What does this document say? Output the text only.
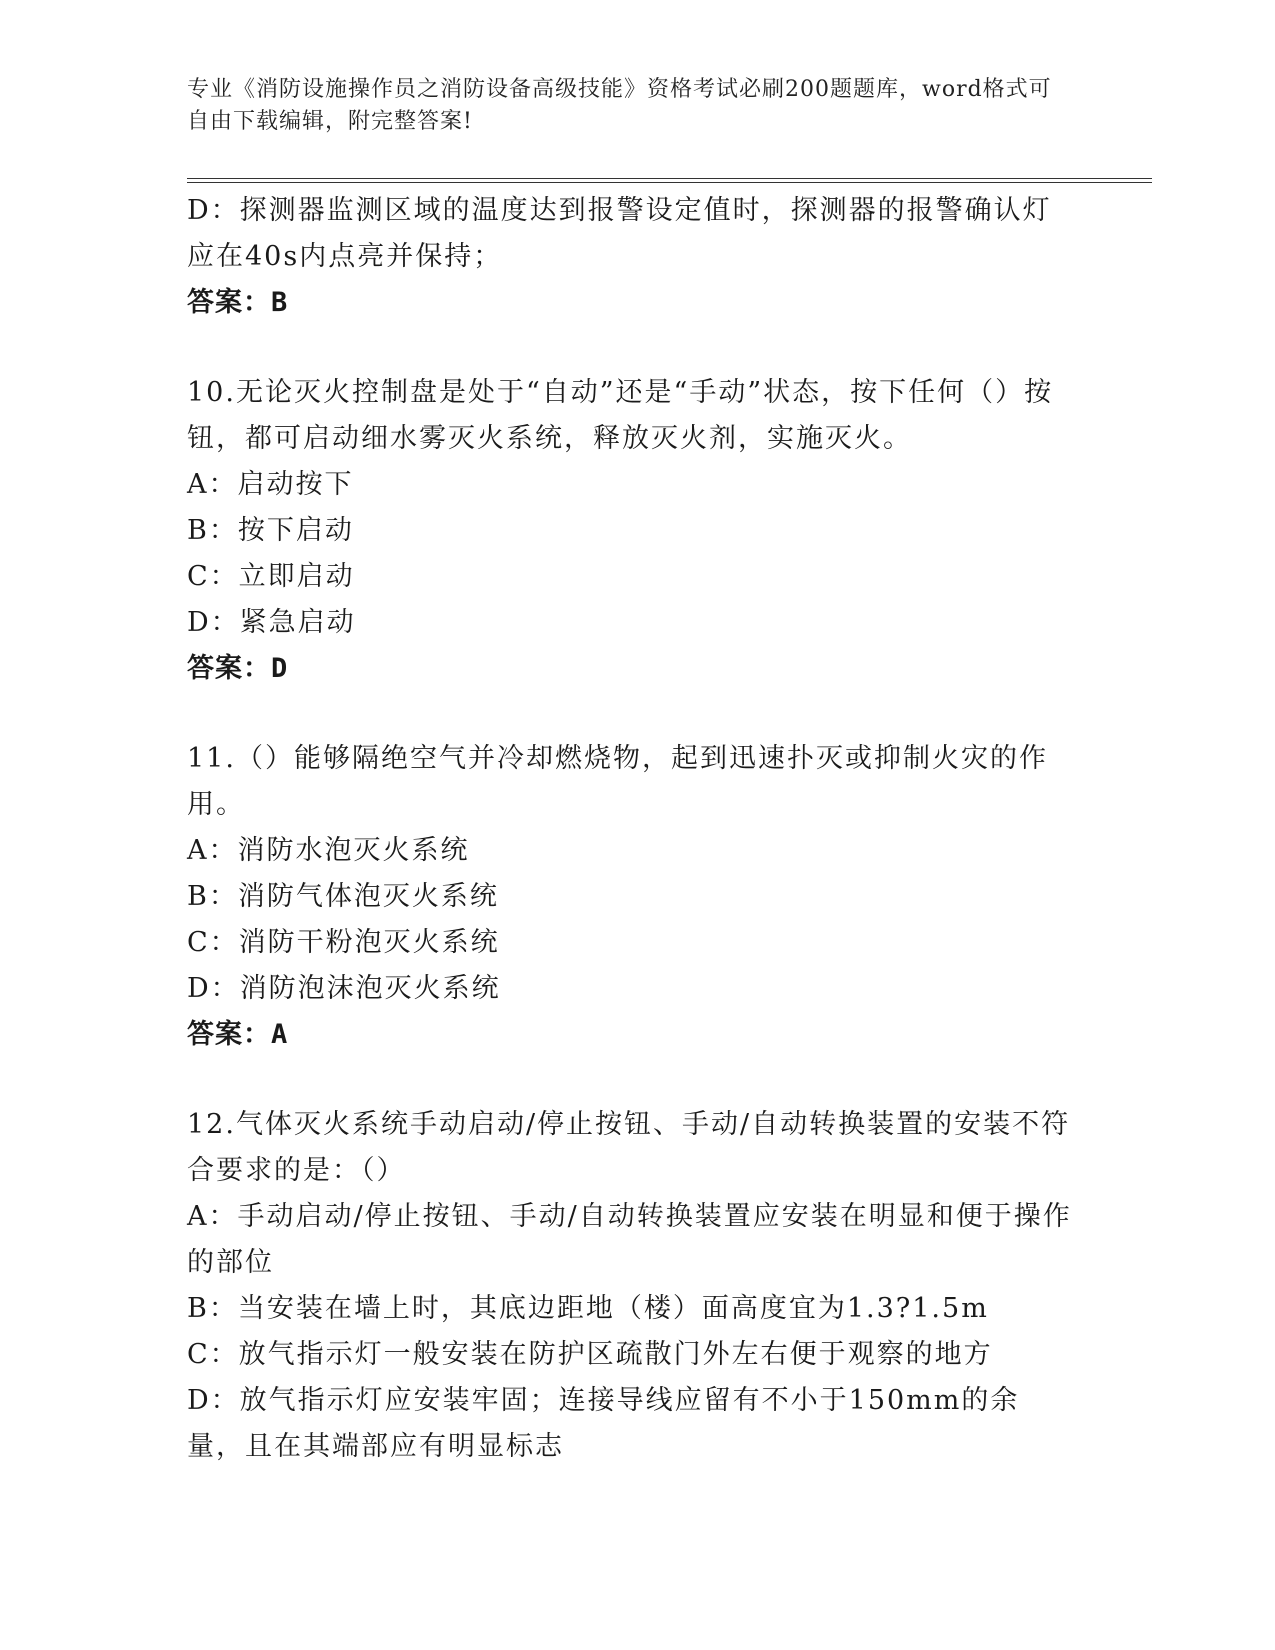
专业《消防设施操作员之消防设备高级技能》资格考试必刷200题题库，word格式可自由下载编辑，附完整答案!
D：探测器监测区域的温度达到报警设定值时，探测器的报警确认灯应在40s内点亮并保持；
答案：B
10.无论灭火控制盘是处于“自动”还是“手动”状态，按下任何（）按钮，都可启动细水雾灭火系统，释放灭火剂，实施灭火。
A：启动按下
B：按下启动
C：立即启动
D：紧急启动
答案：D
11.（）能够隔绝空气并冷却燃烧物，起到迅速扑灭或抑制火灾的作用。
A：消防水泡灭火系统
B：消防气体泡灭火系统
C：消防干粉泡灭火系统
D：消防泡沫泡灭火系统
答案：A
12.气体灭火系统手动启动/停止按钮、手动/自动转换装置的安装不符合要求的是：（）
A：手动启动/停止按钮、手动/自动转换装置应安装在明显和便于操作的部位
B：当安装在墙上时，其底边距地（楼）面高度宜为1.3?1.5m
C：放气指示灯一般安装在防护区疏散门外左右便于观察的地方
D：放气指示灯应安装牢固；连接导线应留有不小于150mm的余量，且在其端部应有明显标志
